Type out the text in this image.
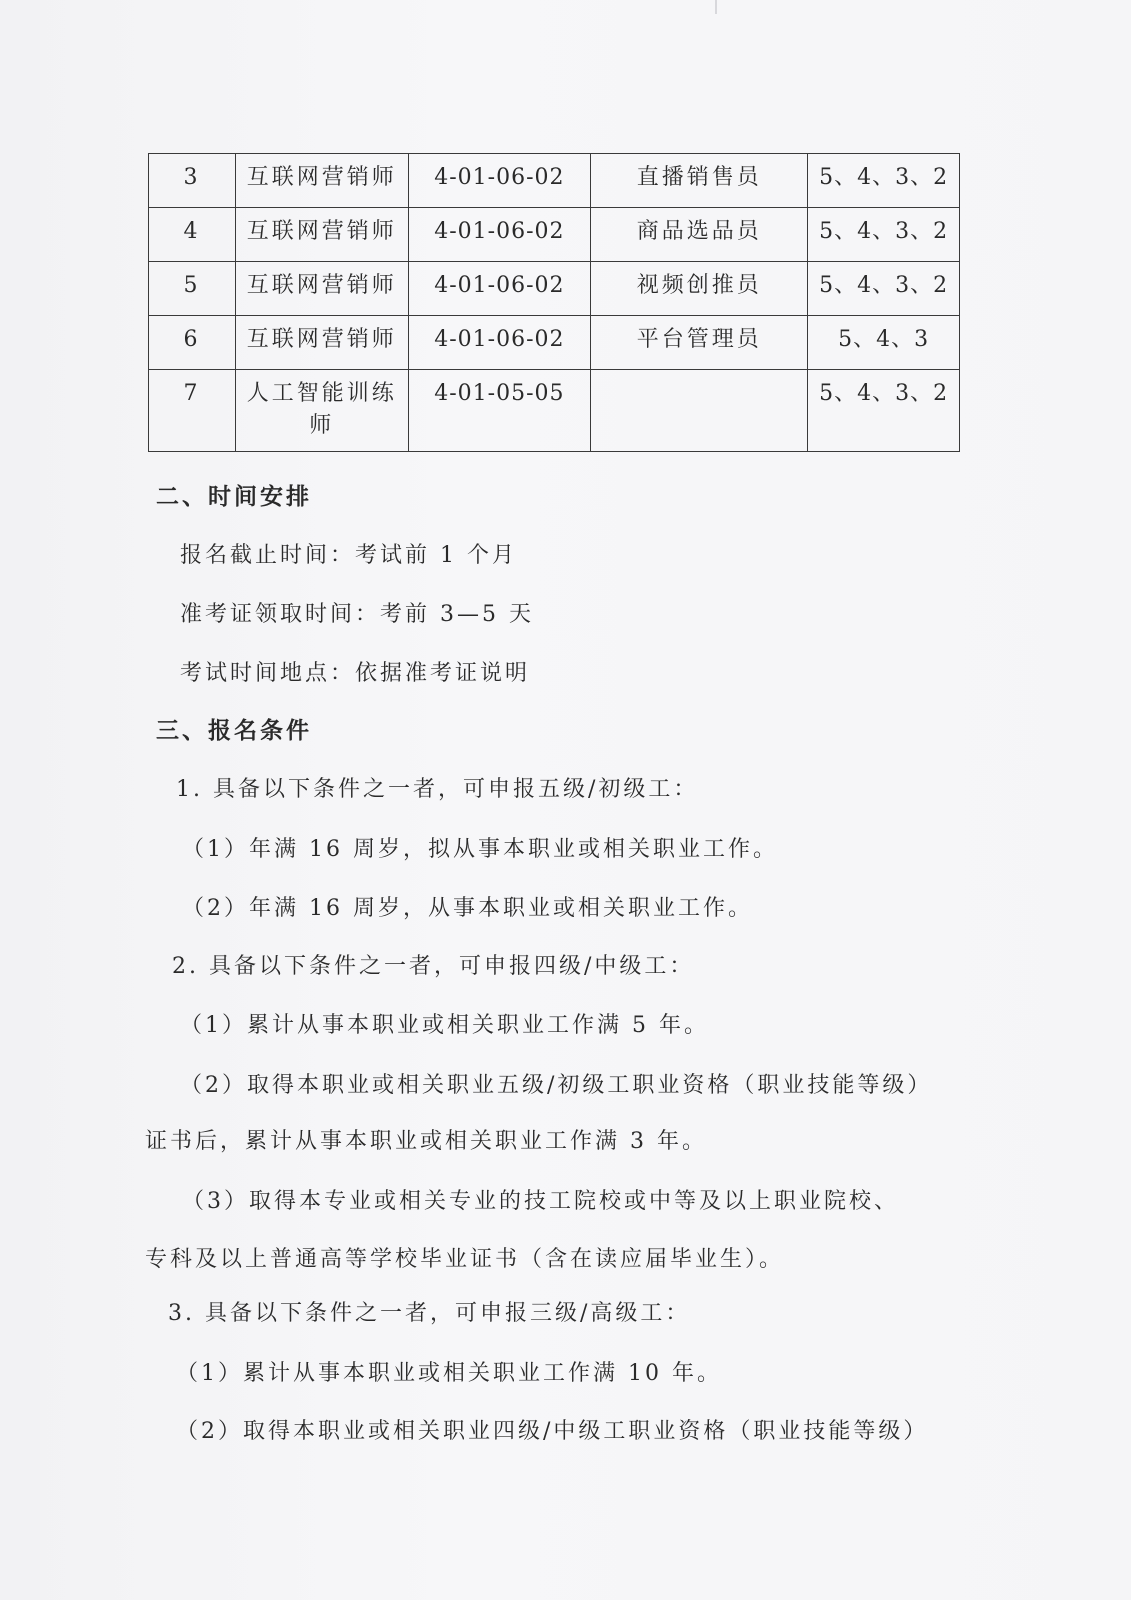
3	互联网营销师	4-01-06-02	直播销售员	5、4、3、2
4	互联网营销师	4-01-06-02	商品选品员	5、4、3、2
5	互联网营销师	4-01-06-02	视频创推员	5、4、3、2
6	互联网营销师	4-01-06-02	平台管理员	5、4、3
7	人工智能训练师	4-01-05-05		5、4、3、2
二、时间安排
报名截止时间：考试前 1 个月
准考证领取时间：考前 3—5 天
考试时间地点：依据准考证说明
三、报名条件
1. 具备以下条件之一者，可申报五级/初级工：
（1）年满 16 周岁，拟从事本职业或相关职业工作。
（2）年满 16 周岁，从事本职业或相关职业工作。
2. 具备以下条件之一者，可申报四级/中级工：
（1）累计从事本职业或相关职业工作满 5 年。
（2）取得本职业或相关职业五级/初级工职业资格（职业技能等级）
证书后，累计从事本职业或相关职业工作满 3 年。
（3）取得本专业或相关专业的技工院校或中等及以上职业院校、
专科及以上普通高等学校毕业证书（含在读应届毕业生）。
3. 具备以下条件之一者，可申报三级/高级工：
（1）累计从事本职业或相关职业工作满 10 年。
（2）取得本职业或相关职业四级/中级工职业资格（职业技能等级）
